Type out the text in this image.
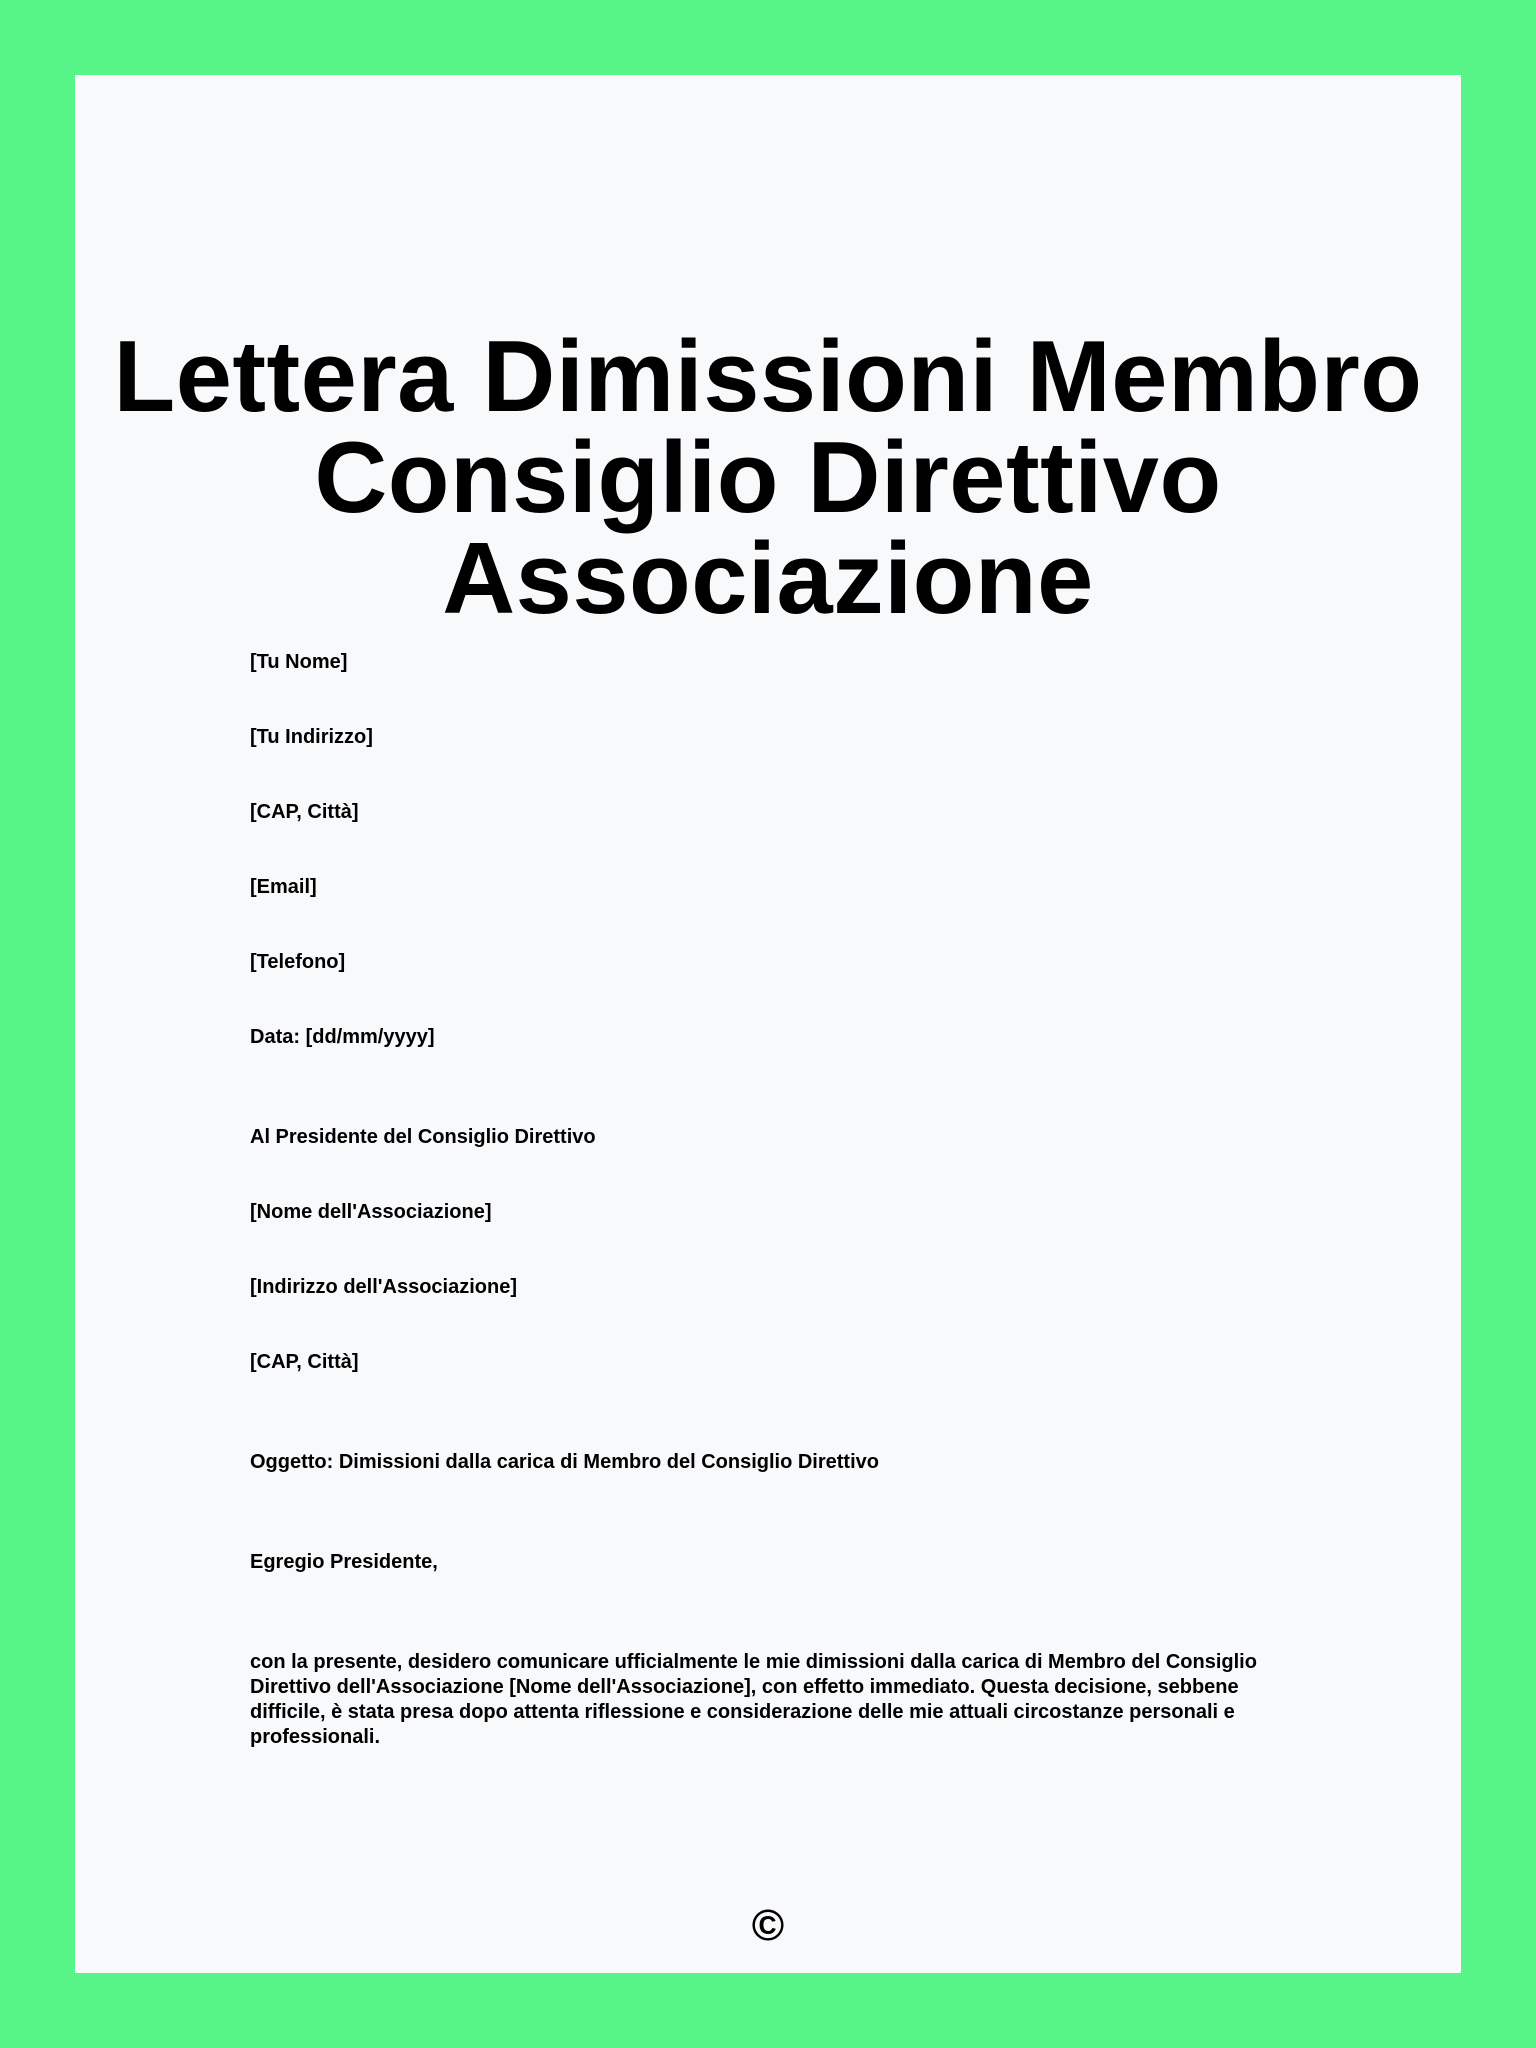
Lettera Dimissioni Membro Consiglio Direttivo Associazione

[Tu Nome]

[Tu Indirizzo]

[CAP, Città]

[Email]

[Telefono]

Data: [dd/mm/yyyy]

Al Presidente del Consiglio Direttivo

[Nome dell'Associazione]

[Indirizzo dell'Associazione]

[CAP, Città]

Oggetto: Dimissioni dalla carica di Membro del Consiglio Direttivo

Egregio Presidente,

con la presente, desidero comunicare ufficialmente le mie dimissioni dalla carica di Membro del Consiglio Direttivo dell'Associazione [Nome dell'Associazione], con effetto immediato. Questa decisione, sebbene difficile, è stata presa dopo attenta riflessione e considerazione delle mie attuali circostanze personali e professionali.

©
